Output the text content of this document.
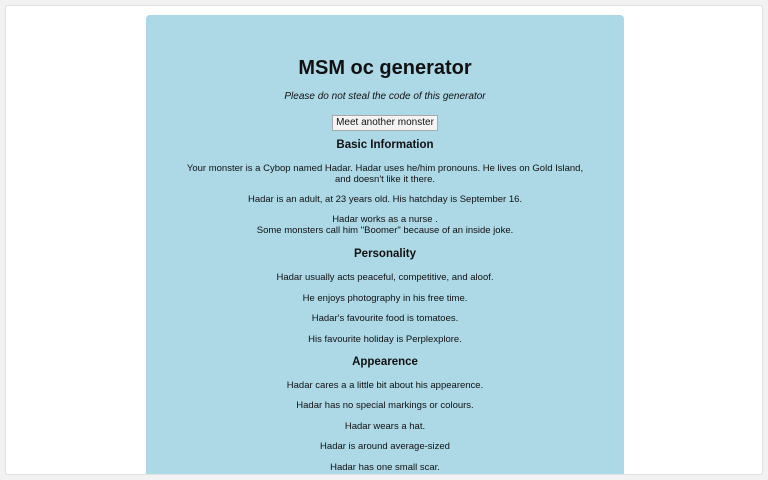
MSM oc generator
Please do not steal the code of this generator
Meet another monster
Basic Information
Your monster is a Cybop named Hadar. Hadar uses he/him pronouns. He lives on Gold Island,
and doesn't like it there.
Hadar is an adult, at 23 years old. His hatchday is September 16.
Hadar works as a nurse .
Some monsters call him "Boomer" because of an inside joke.
Personality
Hadar usually acts peaceful, competitive, and aloof.
He enjoys photography in his free time.
Hadar's favourite food is tomatoes.
His favourite holiday is Perplexplore.
Appearence
Hadar cares a a little bit about his appearence.
Hadar has no special markings or colours.
Hadar wears a hat.
Hadar is around average-sized
Hadar has one small scar.
